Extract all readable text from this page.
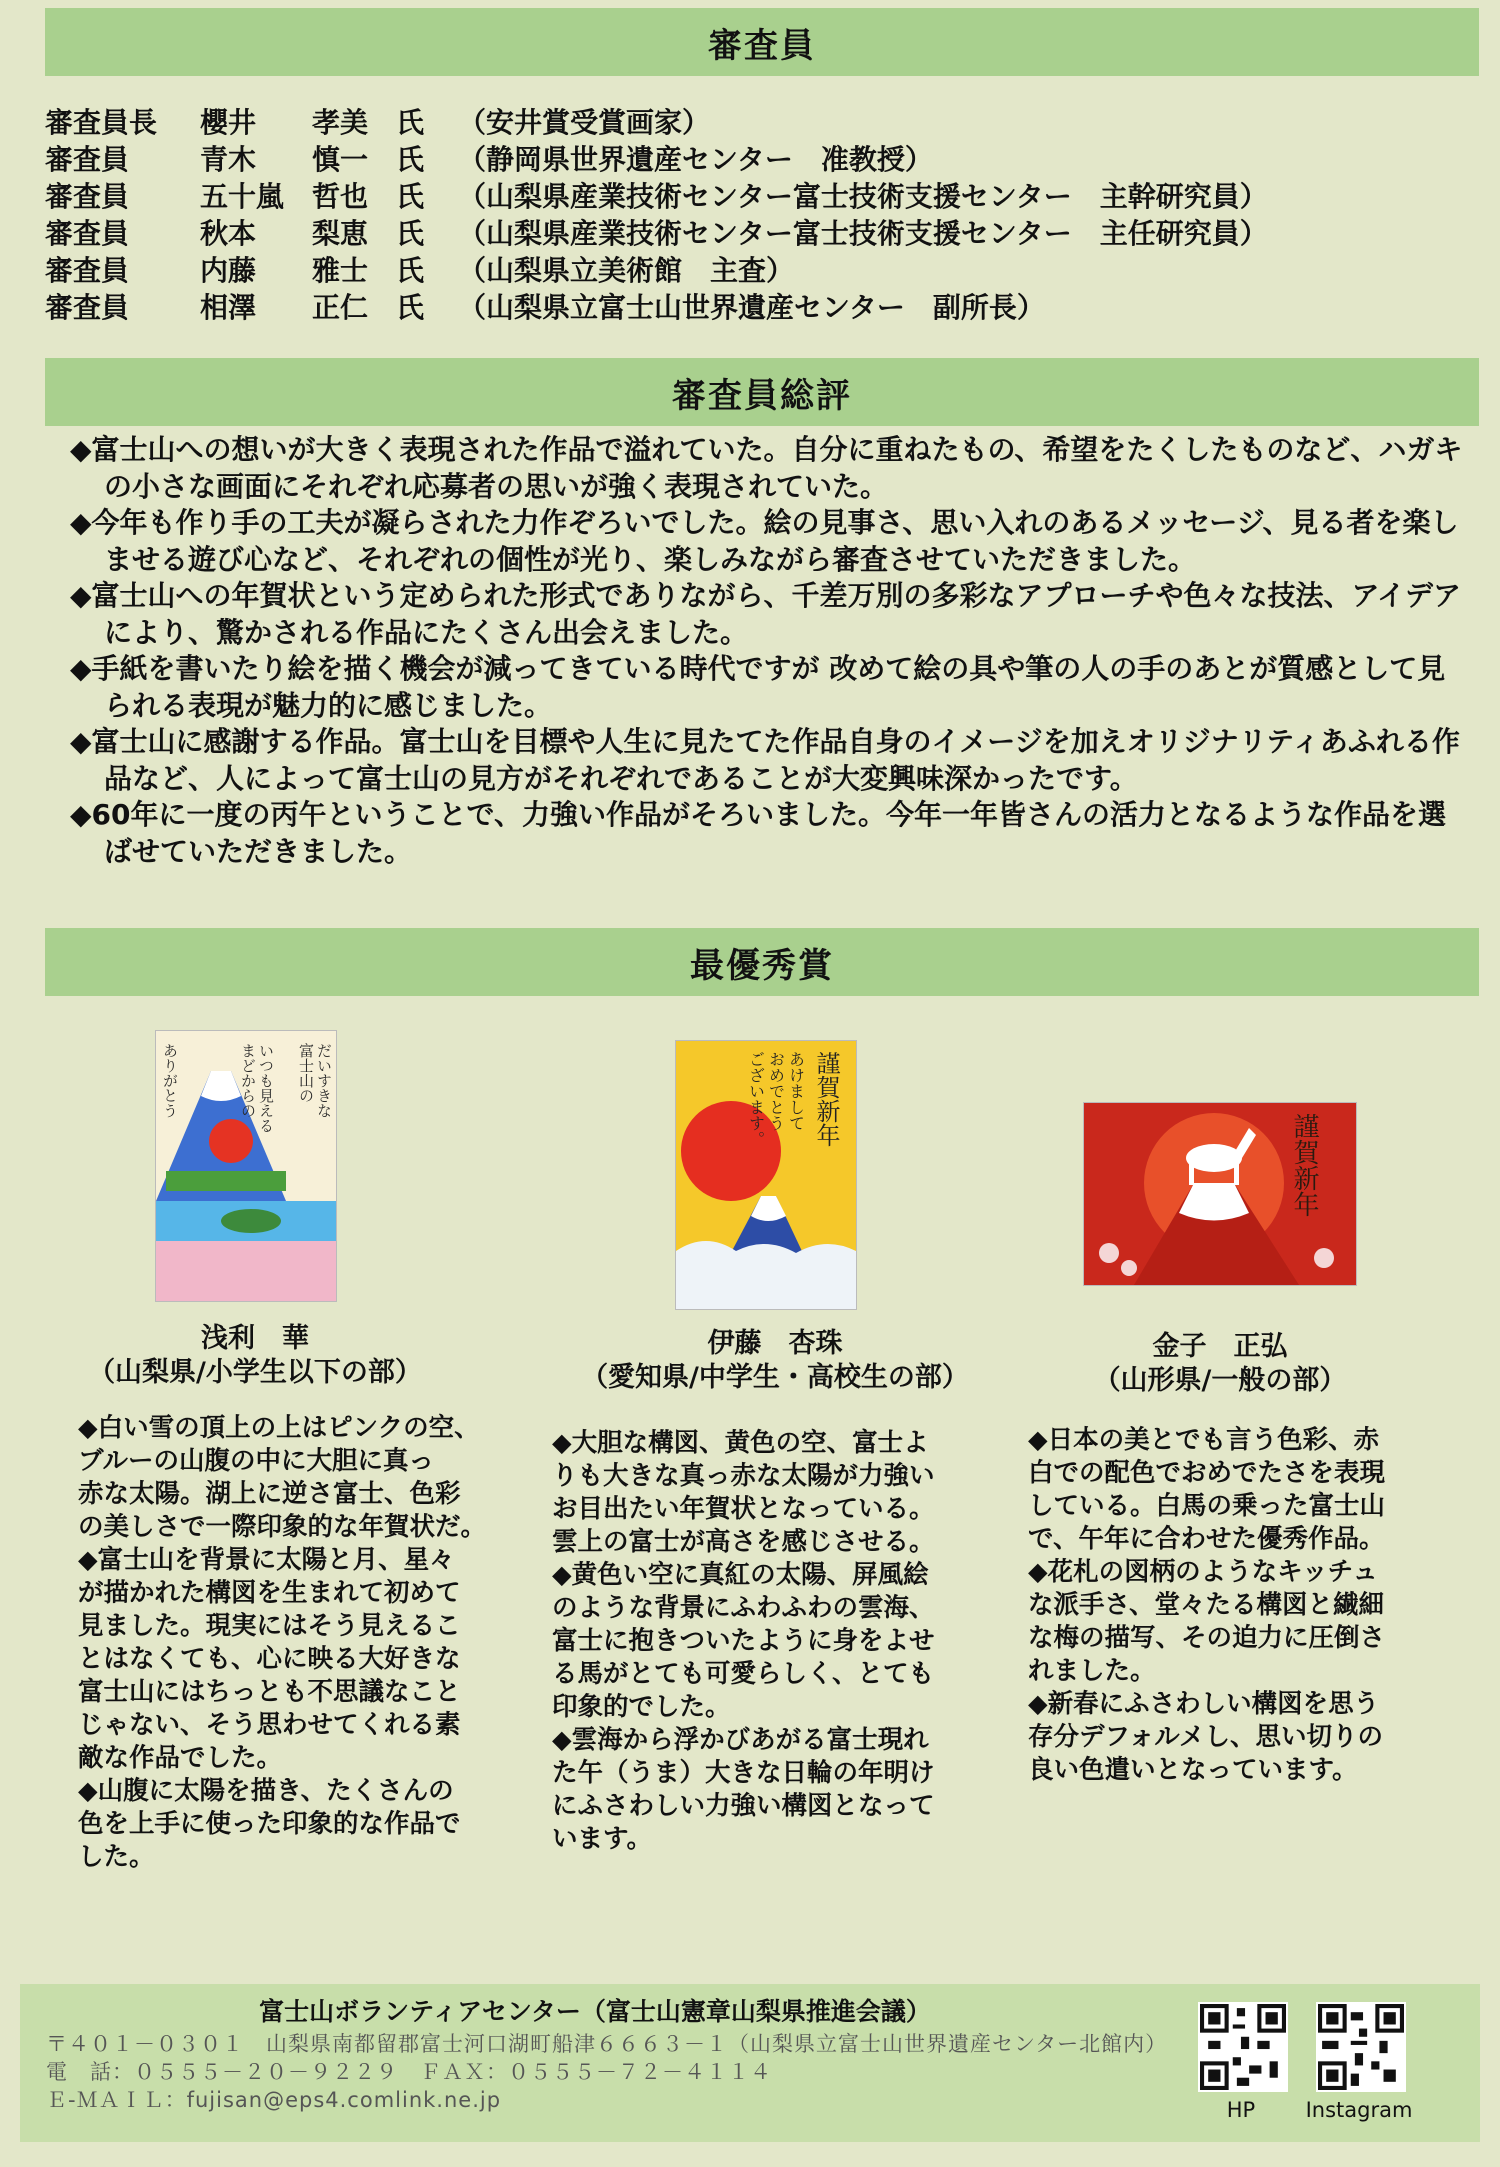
審査員
審査員長	櫻井　　孝美　氏	（安井賞受賞画家）
審査員	青木　　慎一　氏	（静岡県世界遺産センター　准教授）
審査員	五十嵐　哲也　氏	（山梨県産業技術センター富士技術支援センター　主幹研究員）
審査員	秋本　　梨恵　氏	（山梨県産業技術センター富士技術支援センター　主任研究員）
審査員	内藤　　雅士　氏	（山梨県立美術館　主査）
審査員	相澤　　正仁　氏	（山梨県立富士山世界遺産センター　副所長）
審査員総評

◆富士山への想いが大きく表現された作品で溢れていた。自分に重ねたもの、希望をたくしたものなど、ハガキの小さな画面にそれぞれ応募者の思いが強く表現されていた。

◆今年も作り手の工夫が凝らされた力作ぞろいでした。絵の見事さ、思い入れのあるメッセージ、見る者を楽しませる遊び心など、それぞれの個性が光り、楽しみながら審査させていただきました。

◆富士山への年賀状という定められた形式でありながら、千差万別の多彩なアプローチや色々な技法、アイデアにより、驚かされる作品にたくさん出会えました。

◆手紙を書いたり絵を描く機会が減ってきている時代ですが 改めて絵の具や筆の人の手のあとが質感として見られる表現が魅力的に感じました。

◆富士山に感謝する作品。富士山を目標や人生に見たてた作品自身のイメージを加えオリジナリティあふれる作品など、人によって富士山の見方がそれぞれであることが大変興味深かったです。

◆60年に一度の丙午ということで、力強い作品がそろいました。今年一年皆さんの活力となるような作品を選ばせていただきました。

最優秀賞
だいすきな
富士山の
いつも見える
まどからの
ありがとう	謹賀新年
あけまして
おめでとう
ございます。
謹賀新年
浅利　華
（山梨県/小学生以下の部）
伊藤　杏珠
（愛知県/中学生・高校生の部）
金子　正弘
（山形県/一般の部）
◆白い雪の頂上の上はピンクの空、
ブルーの山腹の中に大胆に真っ
赤な太陽。湖上に逆さ富士、色彩
の美しさで一際印象的な年賀状だ。
◆富士山を背景に太陽と月、星々
が描かれた構図を生まれて初めて
見ました。現実にはそう見えるこ
とはなくても、心に映る大好きな
富士山にはちっとも不思議なこと
じゃない、そう思わせてくれる素
敵な作品でした。
◆山腹に太陽を描き、たくさんの
色を上手に使った印象的な作品で
した。
◆大胆な構図、黄色の空、富士よ
りも大きな真っ赤な太陽が力強い
お目出たい年賀状となっている。
雲上の富士が高さを感じさせる。
◆黄色い空に真紅の太陽、屏風絵
のような背景にふわふわの雲海、
富士に抱きついたように身をよせ
る馬がとても可愛らしく、とても
印象的でした。
◆雲海から浮かびあがる富士現れ
た午（うま）大きな日輪の年明け
にふさわしい力強い構図となって
います。
◆日本の美とでも言う色彩、赤
白での配色でおめでたさを表現
している。白馬の乗った富士山
で、午年に合わせた優秀作品。
◆花札の図柄のようなキッチュ
な派手さ、堂々たる構図と繊細
な梅の描写、その迫力に圧倒さ
れました。
◆新春にふさわしい構図を思う
存分デフォルメし、思い切りの
良い色遣いとなっています。
富士山ボランティアセンター（富士山憲章山梨県推進会議）
〒４０１－０３０１　山梨県南都留郡富士河口湖町船津６６６３－１（山梨県立富士山世界遺産センター北館内）
電　話：０５５５－２０－９２２９　ＦＡＸ：０５５５－７２－４１１４
Ｅ-ＭＡＩＬ：fujisan@eps4.comlink.ne.jp	HP	Instagram
